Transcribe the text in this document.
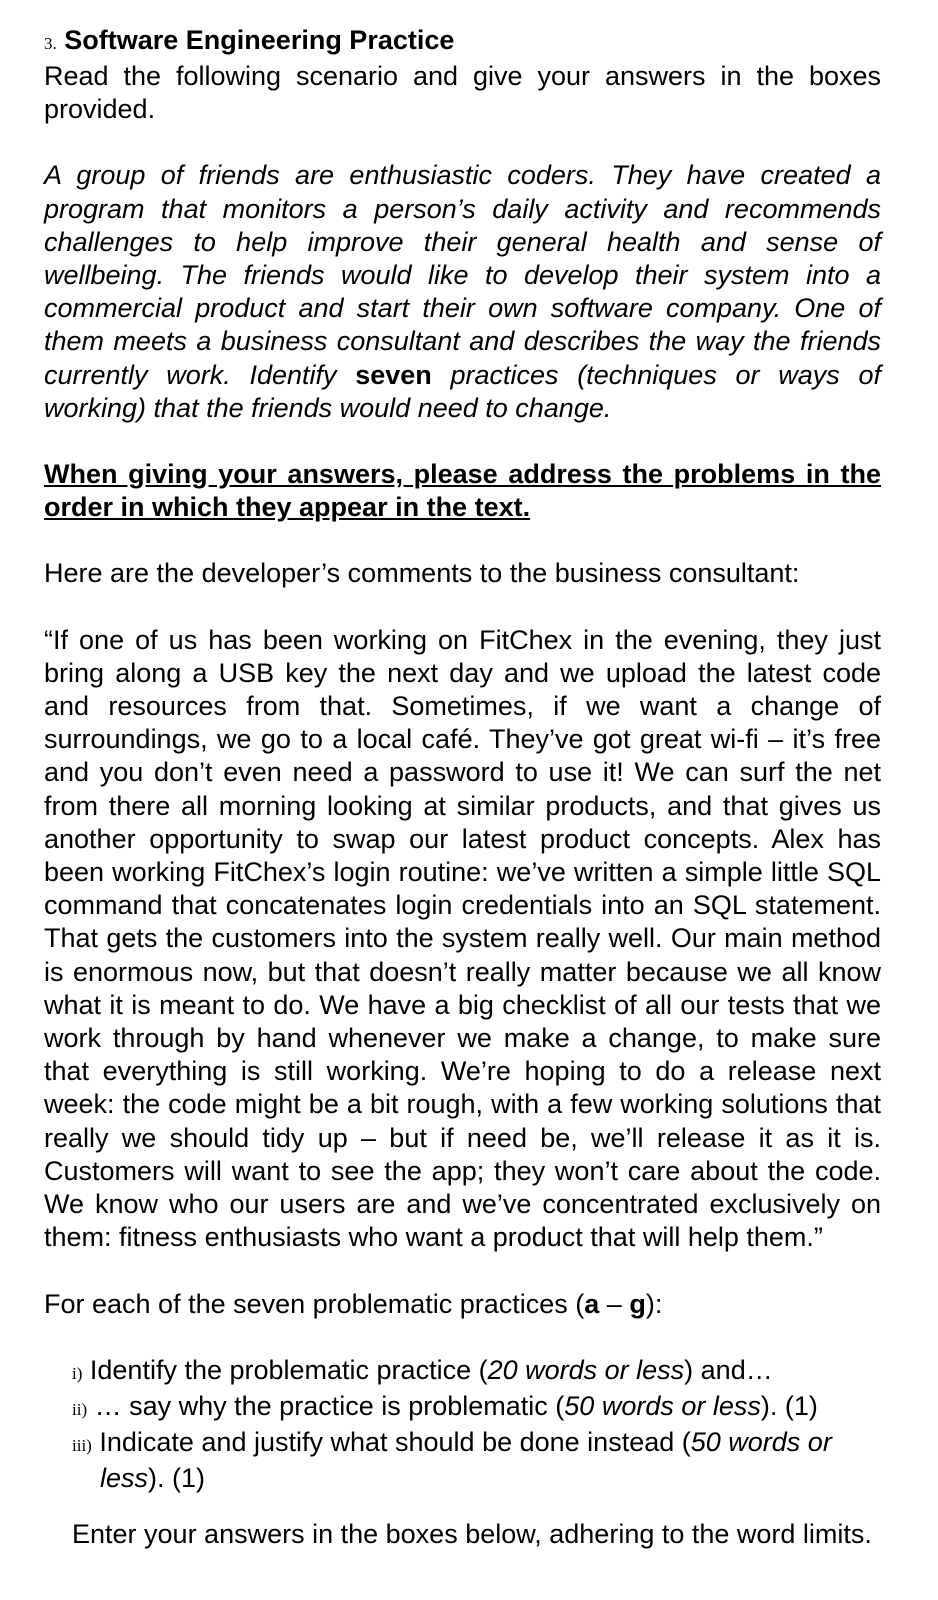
3. Software Engineering Practice

Read the following scenario and give your answers in the boxes provided.

A group of friends are enthusiastic coders. They have created a program that monitors a person’s daily activity and recommends challenges to help improve their general health and sense of wellbeing. The friends would like to develop their system into a commercial product and start their own software company. One of them meets a business consultant and describes the way the friends currently work. Identify seven practices (techniques or ways of working) that the friends would need to change.

When giving your answers, please address the problems in the order in which they appear in the text.

Here are the developer’s comments to the business consultant:

“If one of us has been working on FitChex in the evening, they just bring along a USB key the next day and we upload the latest code and resources from that. Sometimes, if we want a change of surroundings, we go to a local café. They’ve got great wi-fi – it’s free and you don’t even need a password to use it! We can surf the net from there all morning looking at similar products, and that gives us another opportunity to swap our latest product concepts. Alex has been working FitChex’s login routine: we’ve written a simple little SQL command that concatenates login credentials into an SQL statement. That gets the customers into the system really well. Our main method is enormous now, but that doesn’t really matter because we all know what it is meant to do. We have a big checklist of all our tests that we work through by hand whenever we make a change, to make sure that everything is still working. We’re hoping to do a release next week: the code might be a bit rough, with a few working solutions that really we should tidy up – but if need be, we’ll release it as it is. Customers will want to see the app; they won’t care about the code. We know who our users are and we’ve concentrated exclusively on them: fitness enthusiasts who want a product that will help them.”

For each of the seven problematic practices (a – g):

i) Identify the problematic practice (20 words or less) and…
ii) … say why the practice is problematic (50 words or less). (1)
iii) Indicate and justify what should be done instead (50 words or less). (1)

Enter your answers in the boxes below, adhering to the word limits.
